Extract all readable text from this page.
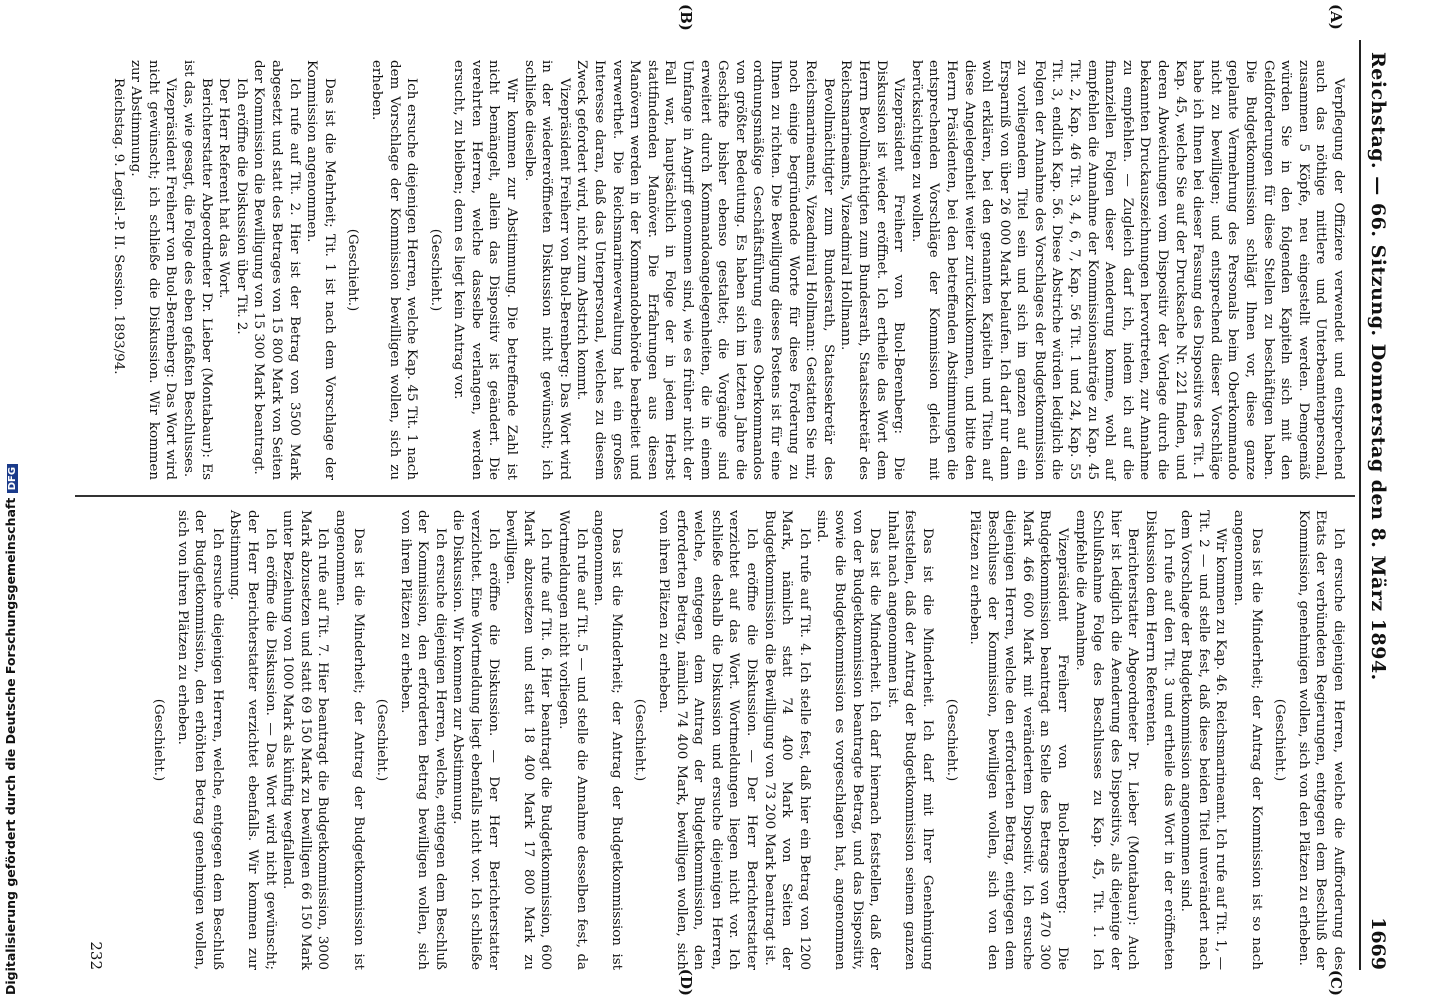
Reichstag. — 66. Sitzung. Donnerstag den 8. März 1894.
1669
(A)
(B)
(C)
(D)

Verpflegung der Offiziere verwendet und entsprechend auch das nöthige mittlere und Unterbeamtenpersonal, zusammen 5 Köpfe, neu eingestellt werden. Demgemäß würden Sie in den folgenden Kapiteln sich mit den Geldforderungen für diese Stellen zu beschäftigen haben. Die Budgetkommission schlägt Ihnen vor, diese ganze geplante Vermehrung des Personals beim Oberkommando nicht zu bewilligen; und entsprechend dieser Vorschläge habe ich Ihnen bei dieser Fassung des Dispositivs des Tit. 1 Kap. 45, welche Sie auf der Drucksache Nr. 221 finden, und deren Abweichungen vom Dispositiv der Vorlage durch die bekannten Druckauszeichnungen hervortreten, zur Annahme zu empfehlen. — Zugleich darf ich, indem ich auf die finanziellen Folgen dieser Aenderung komme, wohl auf empfehlen die Annahme der Kommissionsanträge zu Kap. 45 Tit. 2, Kap. 46 Tit. 3, 4, 6, 7, Kap. 56 Tit. 1 und 24, Kap. 55 Tit. 3, endlich Kap. 56. Diese Abstriche würden lediglich die Folgen der Annahme des Vorschlages der Budgetkommission zu vorliegendem Titel sein und sich im ganzen auf ein Ersparniß von über 26 000 Mark belaufen. Ich darf nur dann wohl erklären, bei den genannten Kapiteln und Titeln auf diese Angelegenheit weiter zurückzukommen, und bitte den Herrn Präsidenten, bei den betreffenden Abstimmungen die entsprechenden Vorschläge der Kommission gleich mit berücksichtigen zu wollen.

Vizepräsident Freiherr von Buol-Berenberg: Die Diskussion ist wieder eröffnet. Ich ertheile das Wort dem Herrn Bevollmächtigten zum Bundesrath, Staatssekretär des Reichsmarineamts, Vizeadmiral Hollmann.

Bevollmächtigter zum Bundesrath, Staatssekretär des Reichsmarineamts, Vizeadmiral Hollmann: Gestatten Sie mir, noch einige begründende Worte für diese Forderung zu Ihnen zu richten. Die Bewilligung dieses Postens ist für eine ordnungsmäßige Geschäftsführung eines Oberkommandos von größter Bedeutung. Es haben sich im letzten Jahre die Geschäfte bisher ebenso gestaltet; die Vorgänge sind erweitert durch Kommandoangelegenheiten, die in einem Umfange in Angriff genommen sind, wie es früher nicht der Fall war, hauptsächlich in Folge der in jedem Herbst stattfindenden Manöver. Die Erfahrungen aus diesen Manövern werden in der Kommandobehörde bearbeitet und verwerthet. Die Reichsmarineverwaltung hat ein großes Interesse daran, daß das Unterpersonal, welches zu diesem Zweck gefordert wird, nicht zum Abstrich kommt.

Vizepräsident Freiherr von Buol-Berenberg: Das Wort wird in der wiedereröffneten Diskussion nicht gewünscht; ich schließe dieselbe.

Wir kommen zur Abstimmung. Die betreffende Zahl ist nicht bemängelt, allein das Dispositiv ist geändert. Die verehrten Herren, welche dasselbe verlangen, werden ersucht, zu bleiben; denn es liegt kein Antrag vor.

(Geschieht.)

Ich ersuche diejenigen Herren, welche Kap. 45 Tit. 1 nach dem Vorschlage der Kommission bewilligen wollen, sich zu erheben.

(Geschieht.)

Das ist die Mehrheit; Tit. 1 ist nach dem Vorschlage der Kommission angenommen.

Ich rufe auf Tit. 2. Hier ist der Betrag von 3500 Mark abgesetzt und statt des Betrages von 15 800 Mark von Seiten der Kommission die Bewilligung von 15 300 Mark beantragt.

Ich eröffne die Diskussion über Tit. 2.

Der Herr Referent hat das Wort.

Berichterstatter Abgeordneter Dr. Lieber (Montabaur): Es ist das, wie gesagt, die Folge des eben gefaßten Beschlusses.

Vizepräsident Freiherr von Buol-Berenberg: Das Wort wird nicht gewünscht; ich schließe die Diskussion. Wir kommen zur Abstimmung.

Reichstag. 9. Legisl.-P. II. Session. 1893/94.

Ich ersuche diejenigen Herren, welche die Aufforderung des Etats der verbündeten Regierungen, entgegen dem Beschluß der Kommission, genehmigen wollen, sich von den Plätzen zu erheben.

(Geschieht.)

Das ist die Minderheit; der Antrag der Kommission ist so nach angenommen.

Wir kommen zu Kap. 46. Reichsmarineamt. Ich rufe auf Tit. 1, — Tit. 2 — und stelle fest, daß diese beiden Titel unverändert nach dem Vorschlage der Budgetkommission angenommen sind.

Ich rufe auf den Tit. 3 und ertheile das Wort in der eröffneten Diskussion dem Herrn Referenten.

Berichterstatter Abgeordneter Dr. Lieber (Montabaur): Auch hier ist lediglich die Aenderung des Dispositivs, als diejenige der Schlußnahme Folge des Beschlusses zu Kap. 45, Tit. 1. Ich empfehle die Annahme.

Vizepräsident Freiherr von Buol-Berenberg: Die Budgetkommission beantragt an Stelle des Betrags von 470 300 Mark 466 600 Mark mit verändertem Dispositiv. Ich ersuche diejenigen Herren, welche den erforderten Betrag, entgegen dem Beschlusse der Kommission, bewilligen wollen, sich von den Plätzen zu erheben.

(Geschieht.)

Das ist die Minderheit. Ich darf mit Ihrer Genehmigung feststellen, daß der Antrag der Budgetkommission seinem ganzen Inhalt nach angenommen ist.

Das ist die Minderheit. Ich darf hiernach feststellen, daß der von der Budgetkommission beantragte Betrag, und das Dispositiv, sowie die Budgetkommission es vorgeschlagen hat, angenommen sind.

Ich rufe auf Tit. 4. Ich stelle fest, daß hier ein Betrag von 1200 Mark, nämlich statt 74 400 Mark von Seiten der Budgetkommission die Bewilligung von 73 200 Mark beantragt ist.

Ich eröffne die Diskussion. — Der Herr Berichterstatter verzichtet auf das Wort. Wortmeldungen liegen nicht vor. Ich schließe deshalb die Diskussion und ersuche diejenigen Herren, welche, entgegen dem Antrag der Budgetkommission, den erforderten Betrag, nämlich 74 400 Mark, bewilligen wollen, sich von ihren Plätzen zu erheben.

(Geschieht.)

Das ist die Minderheit; der Antrag der Budgetkommission ist angenommen.

Ich rufe auf Tit. 5 — und stelle die Annahme desselben fest, da Wortmeldungen nicht vorliegen.

Ich rufe auf Tit. 6. Hier beantragt die Budgetkommission, 600 Mark abzusetzen und statt 18 400 Mark 17 800 Mark zu bewilligen.

Ich eröffne die Diskussion. — Der Herr Berichterstatter verzichtet. Eine Wortmeldung liegt ebenfalls nicht vor. Ich schließe die Diskussion. Wir kommen zur Abstimmung.

Ich ersuche diejenigen Herren, welche, entgegen dem Beschluß der Kommission, den erforderten Betrag bewilligen wollen, sich von ihren Plätzen zu erheben.

(Geschieht.)

Das ist die Minderheit; der Antrag der Budgetkommission ist angenommen.

Ich rufe auf Tit. 7. Hier beantragt die Budgetkommission, 3000 Mark abzusetzen und statt 69 150 Mark zu bewilligen 66 150 Mark unter Beziehung von 1000 Mark als künftig wegfallend.

Ich eröffne die Diskussion. — Das Wort wird nicht gewünscht; der Herr Berichterstatter verzichtet ebenfalls. Wir kommen zur Abstimmung.

Ich ersuche diejenigen Herren, welche, entgegen dem Beschluß der Budgetkommission, den erhöhten Betrag genehmigen wollen, sich von ihren Plätzen zu erheben.

(Geschieht.)

232
Digitalisierung gefördert durch die Deutsche Forschungsgemeinschaft DFG
